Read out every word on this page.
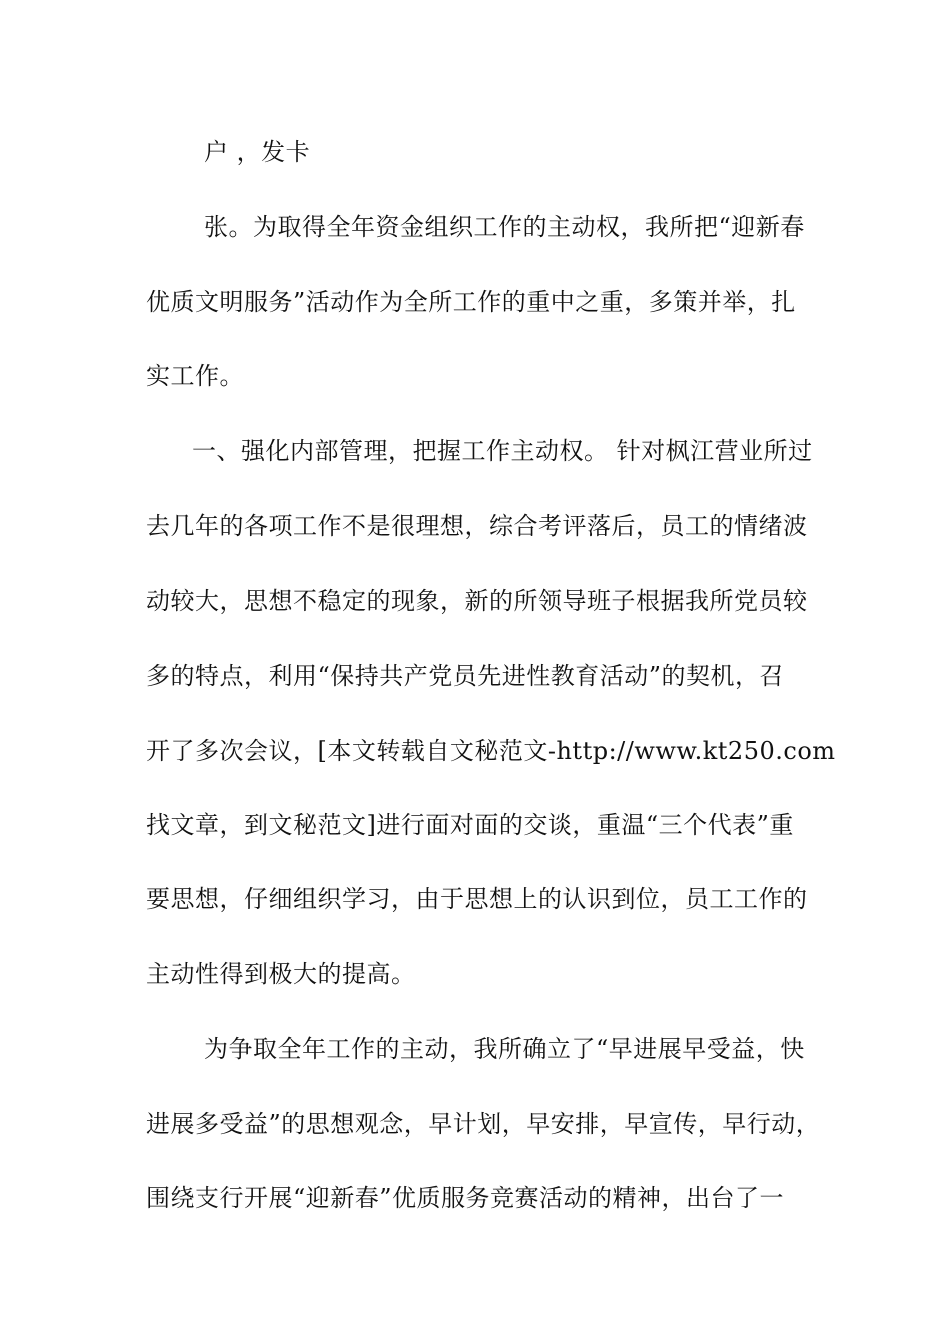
户 ，发卡
张。为取得全年资金组织工作的主动权，我所把“迎新春
优质文明服务”活动作为全所工作的重中之重，多策并举，扎
实工作。
一、强化内部管理，把握工作主动权。 针对枫江营业所过
去几年的各项工作不是很理想，综合考评落后，员工的情绪波
动较大，思想不稳定的现象，新的所领导班子根据我所党员较
多的特点，利用“保持共产党员先进性教育活动”的契机，召
开了多次会议，[本文转载自文秘范文-http://www.kt250.com
找文章，到文秘范文]进行面对面的交谈，重温“三个代表”重
要思想，仔细组织学习，由于思想上的认识到位，员工工作的
主动性得到极大的提高。
为争取全年工作的主动，我所确立了“早进展早受益，快
进展多受益”的思想观念，早计划，早安排，早宣传，早行动，
围绕支行开展“迎新春”优质服务竞赛活动的精神，出台了一
